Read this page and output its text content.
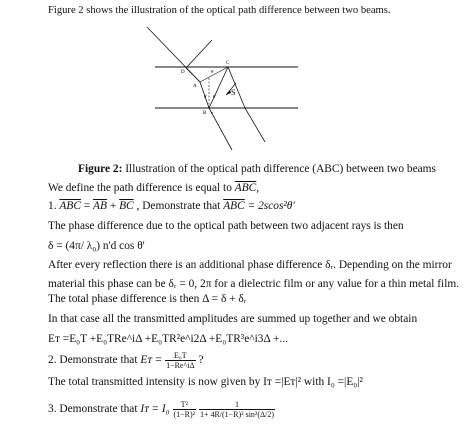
Figure 2 shows the illustration of the optical path difference between two beams.
D
A
C
B
S
θ'
θ' θ'
e
Figure 2: Illustration of the optical path difference (ABC) between two beams
We define the path difference is equal to $\overline{ABC}$,
1. $\overline{ABC} = \overline{AB} + \overline{BC}$ , Demonstrate that $\overline{ABC} = 2scos^2\theta'$
The phase difference due to the optical path between two adjacent rays is then
δ = (4π/ λ₀) n'd cos θ'
After every reflection there is an additional phase difference δᵣ. Depending on the mirror
material this phase can be δᵣ = 0, 2π for a dielectric film or any value for a thin metal film.
The total phase difference is then Δ = δ + δᵣ
In that case all the transmitted amplitudes are summed up together and we obtain
Eᴛ =E₀T +E₀TRe^iΔ +E₀TR²e^i2Δ +E₀TR³e^i3Δ +...
2. Demonstrate that Eᴛ = $\frac{\text{E₀T}}{1-Re\^{}i\Delta}$ ?
The total transmitted intensity is now given by Iᴛ =|Eᴛ|² with I₀ =|E₀|²
3. Demonstrate that Iᴛ = $I_0 \frac{\text{T²}}{\text{(1−R)²}}$
$\frac{1}{\text{1+ 4R/(1−R)² sin²(Δ/2)}}$
